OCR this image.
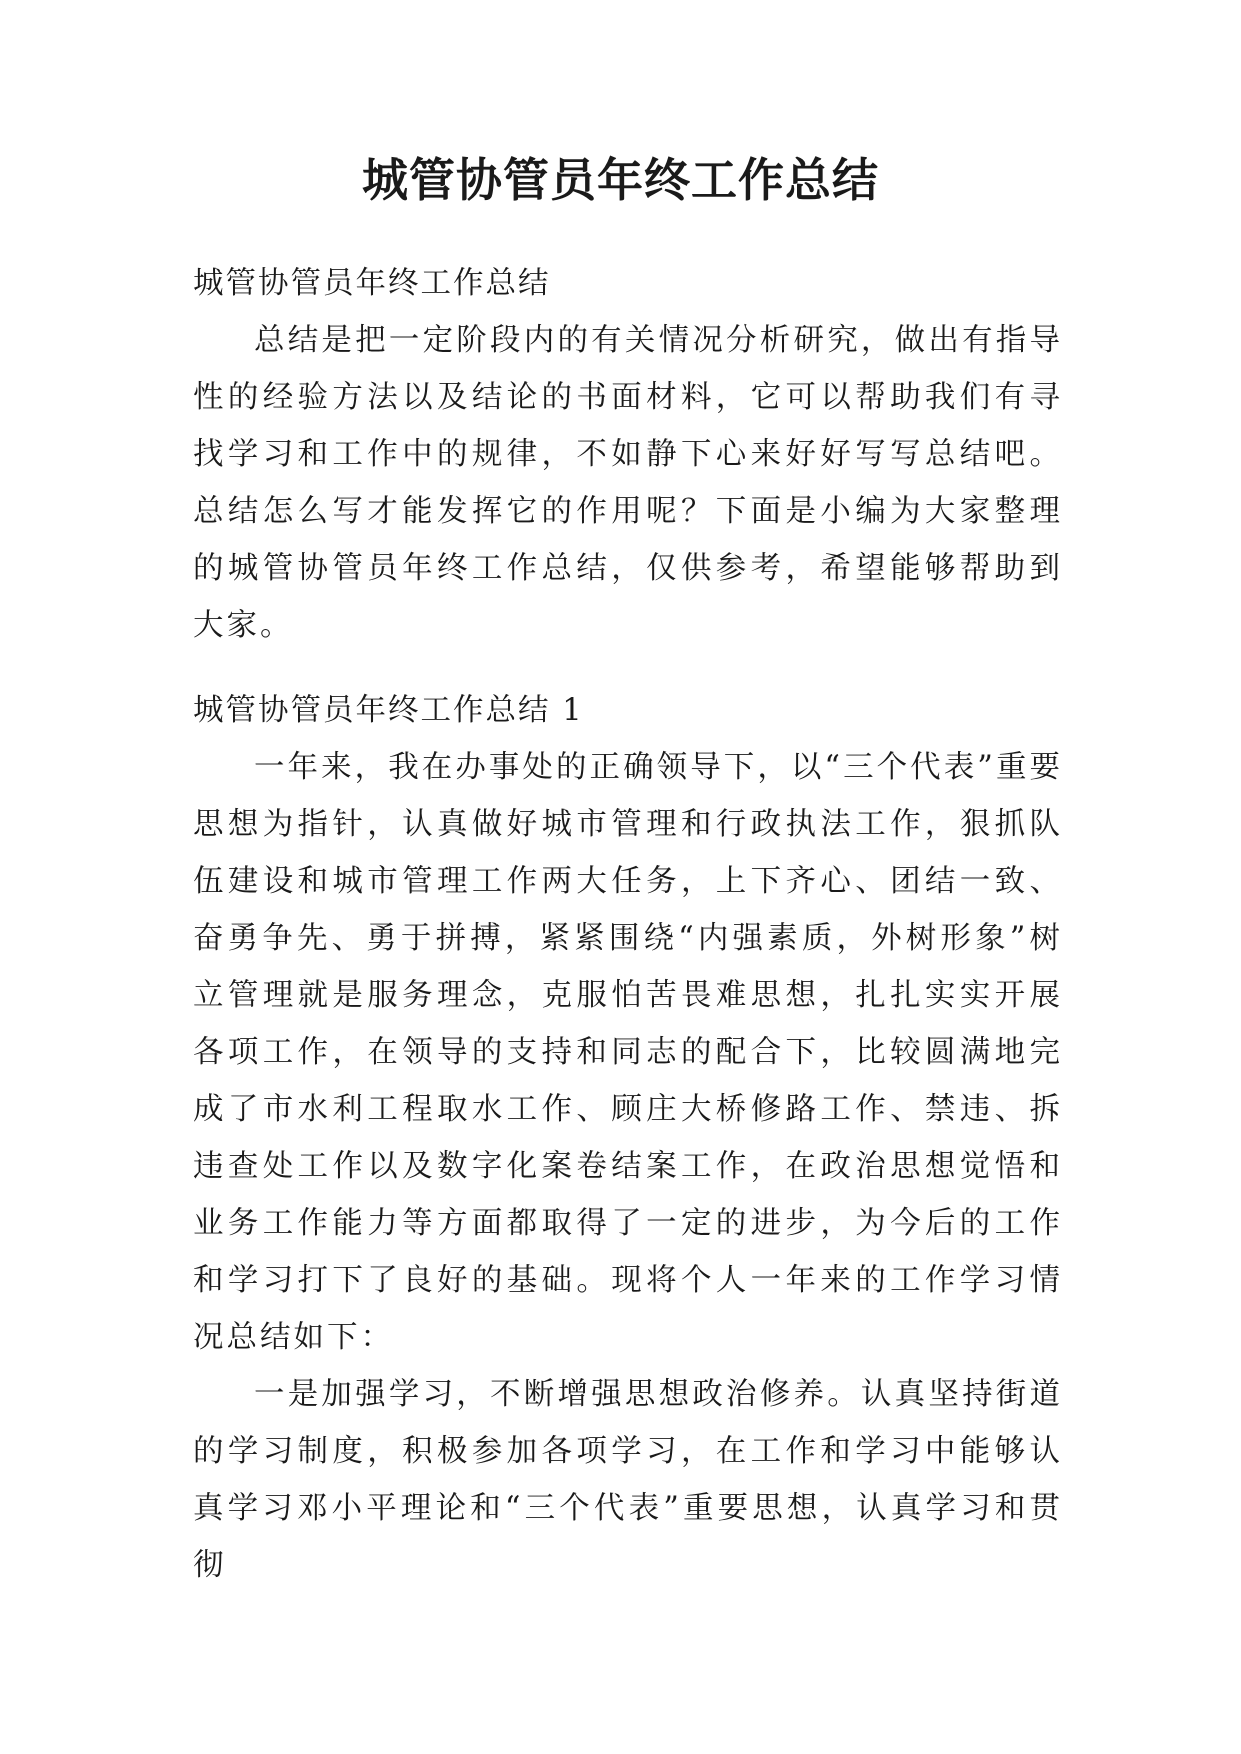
城管协管员年终工作总结

城管协管员年终工作总结

总结是把一定阶段内的有关情况分析研究，做出有指导性的经验方法以及结论的书面材料，它可以帮助我们有寻找学习和工作中的规律，不如静下心来好好写写总结吧。总结怎么写才能发挥它的作用呢？下面是小编为大家整理的城管协管员年终工作总结，仅供参考，希望能够帮助到大家。

城管协管员年终工作总结 1

一年来，我在办事处的正确领导下，以“三个代表”重要思想为指针，认真做好城市管理和行政执法工作，狠抓队伍建设和城市管理工作两大任务，上下齐心、团结一致、奋勇争先、勇于拼搏，紧紧围绕“内强素质，外树形象”树立管理就是服务理念，克服怕苦畏难思想，扎扎实实开展各项工作，在领导的支持和同志的配合下，比较圆满地完成了市水利工程取水工作、顾庄大桥修路工作、禁违、拆违查处工作以及数字化案卷结案工作，在政治思想觉悟和业务工作能力等方面都取得了一定的进步，为今后的工作和学习打下了良好的基础。现将个人一年来的工作学习情况总结如下：

一是加强学习，不断增强思想政治修养。认真坚持街道的学习制度，积极参加各项学习，在工作和学习中能够认真学习邓小平理论和“三个代表”重要思想，认真学习和贯彻
